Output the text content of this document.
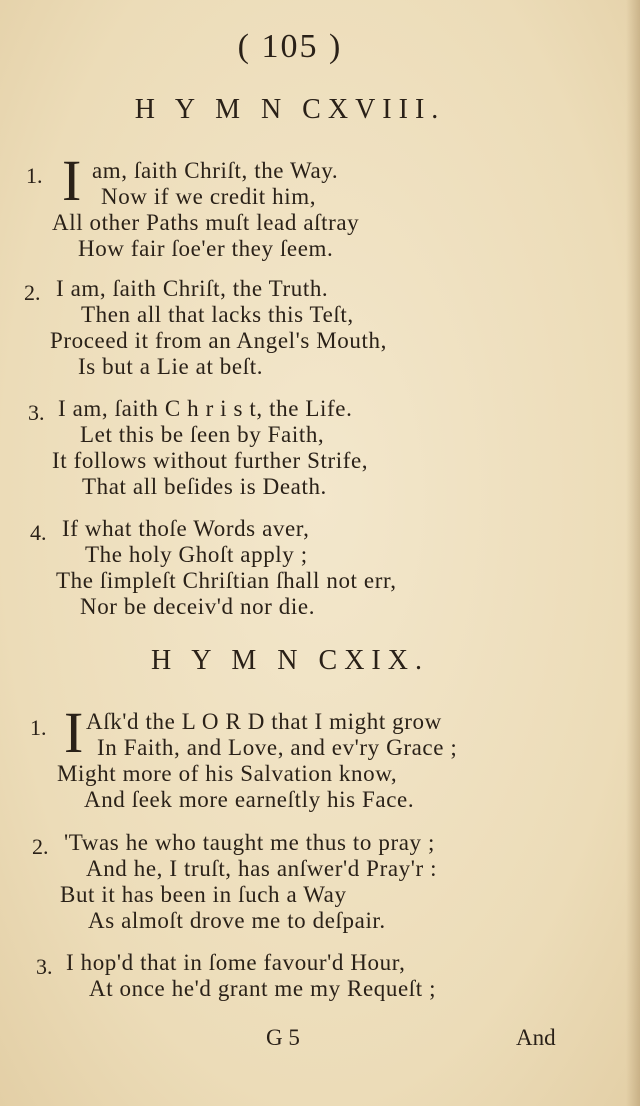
( 105 )
H Y M N CXVIII.
1. I am, ſaith Chriſt, the Way.
Now if we credit him,
All other Paths muſt lead aſtray
How fair ſoe'er they ſeem.
2. I am, ſaith Chriſt, the Truth.
Then all that lacks this Teſt,
Proceed it from an Angel's Mouth,
Is but a Lie at beſt.
3. I am, ſaith C h r i s t, the Life.
Let this be ſeen by Faith,
It follows without further Strife,
That all beſides is Death.
4. If what thoſe Words aver,
The holy Ghoſt apply ;
The ſimpleſt Chriſtian ſhall not err,
Nor be deceiv'd nor die.
H Y M N CXIX.
1. I Aſk'd the L O R D that I might grow
In Faith, and Love, and ev'ry Grace ;
Might more of his Salvation know,
And ſeek more earneſtly his Face.
2. 'Twas he who taught me thus to pray ;
And he, I truſt, has anſwer'd Pray'r :
But it has been in ſuch a Way
As almoſt drove me to deſpair.
3. I hop'd that in ſome favour'd Hour,
At once he'd grant me my Requeſt ;
G 5	And
